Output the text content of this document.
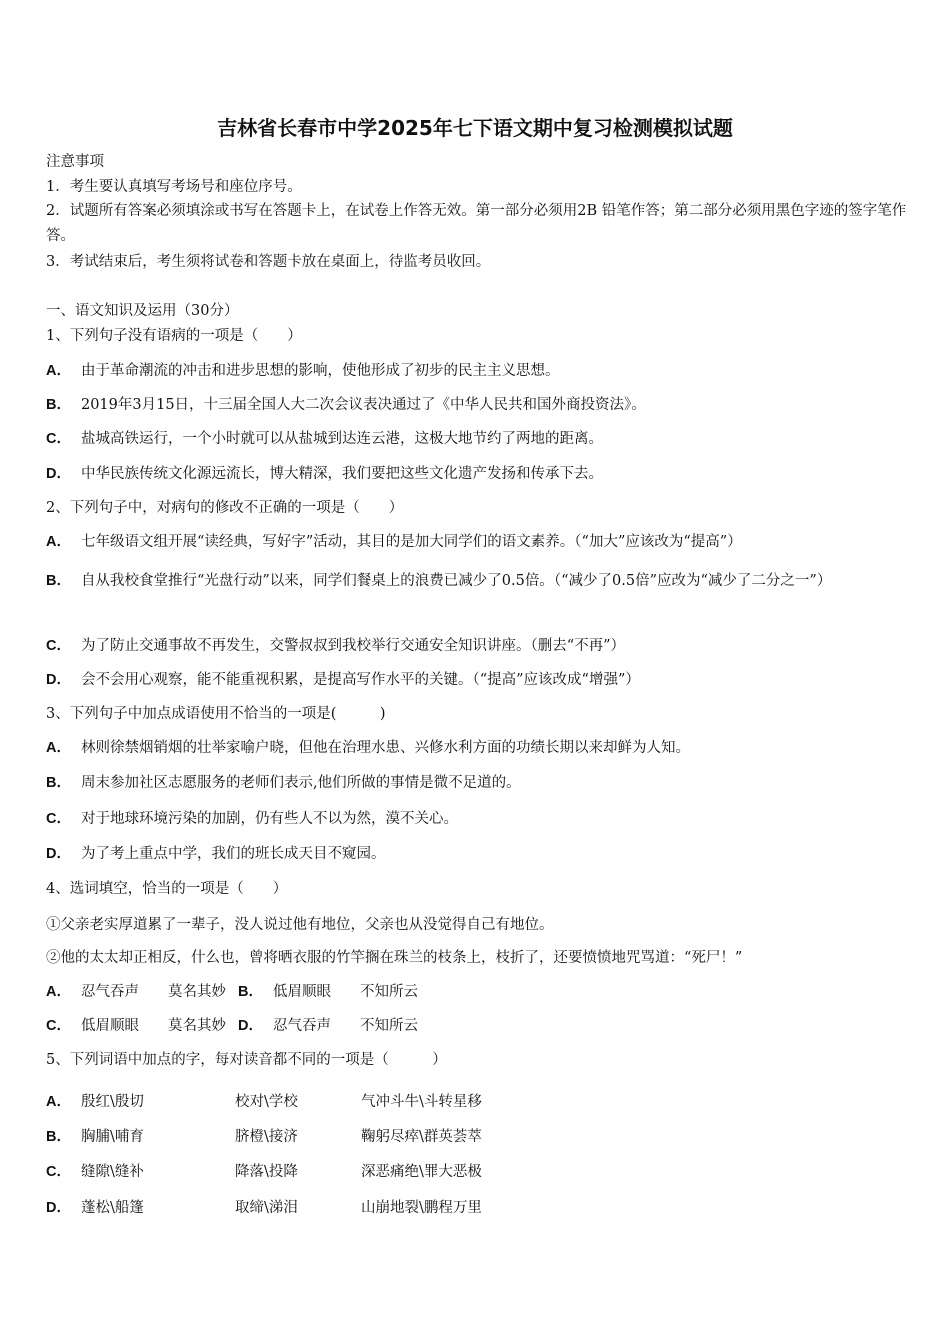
吉林省长春市中学2025年七下语文期中复习检测模拟试题
注意事项
1．考生要认真填写考场号和座位序号。
2．试题所有答案必须填涂或书写在答题卡上，在试卷上作答无效。第一部分必须用2B 铅笔作答；第二部分必须用黑色字迹的签字笔作答。
3．考试结束后，考生须将试卷和答题卡放在桌面上，待监考员收回。
一、语文知识及运用（30分）
1、下列句子没有语病的一项是（　　）
A． 由于革命潮流的冲击和进步思想的影响，使他形成了初步的民主主义思想。
B． 2019年3月15日，十三届全国人大二次会议表决通过了《中华人民共和国外商投资法》。
C． 盐城高铁运行，一个小时就可以从盐城到达连云港，这极大地节约了两地的距离。
D． 中华民族传统文化源远流长，博大精深，我们要把这些文化遗产发扬和传承下去。
2、下列句子中，对病句的修改不正确的一项是（　　）
A． 七年级语文组开展“读经典，写好字”活动，其目的是加大同学们的语文素养。（“加大”应该改为“提高”）
B． 自从我校食堂推行“光盘行动”以来，同学们餐桌上的浪费已减少了0.5倍。（“减少了0.5倍”应改为“减少了二分之一”）
C． 为了防止交通事故不再发生，交警叔叔到我校举行交通安全知识讲座。（删去“不再”）
D． 会不会用心观察，能不能重视积累，是提高写作水平的关键。（“提高”应该改成“增强”）
3、下列句子中加点成语使用不恰当的一项是(　　　)
A． 林则徐禁烟销烟的壮举家喻户晓，但他在治理水患、兴修水利方面的功绩长期以来却鲜为人知。
B． 周末参加社区志愿服务的老师们表示,他们所做的事情是微不足道的。
C． 对于地球环境污染的加剧，仍有些人不以为然，漠不关心。
D． 为了考上重点中学，我们的班长成天目不窥园。
4、选词填空，恰当的一项是（　　）
①父亲老实厚道累了一辈子，没人说过他有地位，父亲也从没觉得自己有地位。
②他的太太却正相反，什么也，曾将晒衣服的竹竿搁在珠兰的枝条上，枝折了，还要愤愤地咒骂道：“死尸！”
A． 忍气吞声　　莫名其妙 B． 低眉顺眼　　不知所云
C． 低眉顺眼　　莫名其妙 D． 忍气吞声　　不知所云
5、下列词语中加点的字，每对读音都不同的一项是（　　　）
A． 殷红\殷切	校对\学校	气冲斗牛\斗转星移
B． 胸脯\哺育	脐橙\接济	鞠躬尽瘁\群英荟萃
C． 缝隙\缝补	降落\投降	深恶痛绝\罪大恶极
D． 蓬松\船篷	取缔\涕泪	山崩地裂\鹏程万里
